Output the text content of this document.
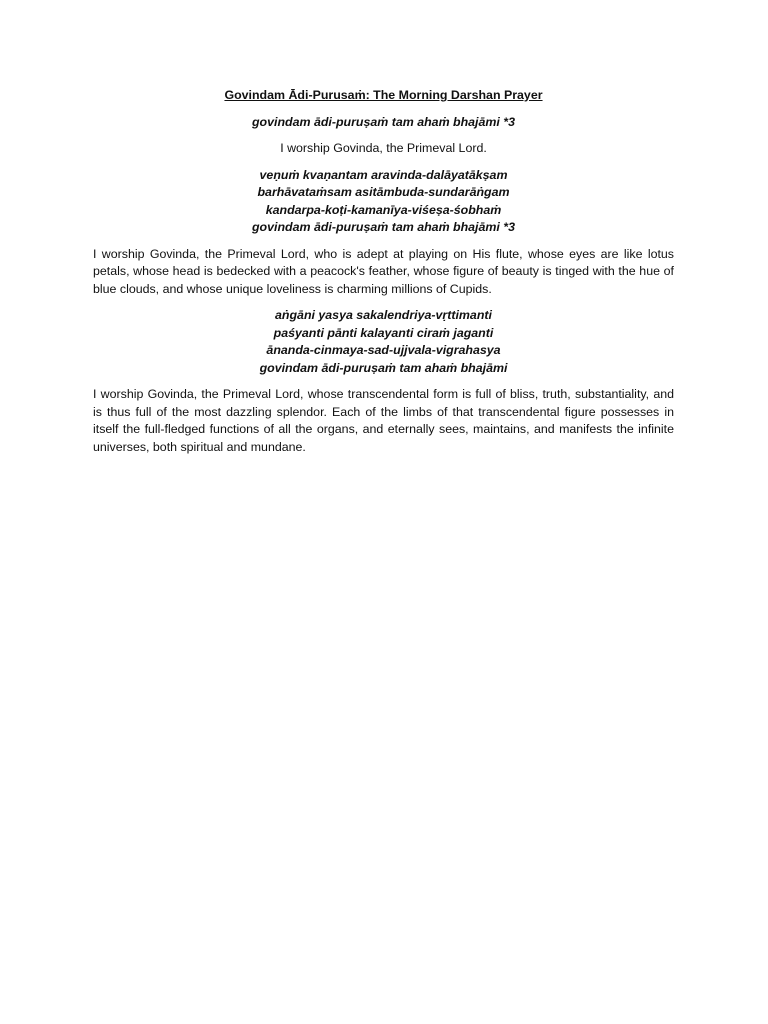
Govindam Ādi-Purusaṁ: The Morning Darshan Prayer
govindam ādi-puruṣaṁ tam ahaṁ bhajāmi *3
I worship Govinda, the Primeval Lord.
veṇuṁ kvaṇantam aravinda-dalāyatākṣam
barhāvataṁsam asitāmbuda-sundarāṅgam
kandarpa-koṭi-kamanīya-viśeṣa-śobhaṁ
govindam ādi-puruṣaṁ tam ahaṁ bhajāmi *3
I worship Govinda, the Primeval Lord, who is adept at playing on His flute, whose eyes are like lotus petals, whose head is bedecked with a peacock's feather, whose figure of beauty is tinged with the hue of blue clouds, and whose unique loveliness is charming millions of Cupids.
aṅgāni yasya sakalendriya-vṛttimanti
paśyanti pānti kalayanti ciraṁ jaganti
ānanda-cinmaya-sad-ujjvala-vigrahasya
govindam ādi-puruṣaṁ tam ahaṁ bhajāmi
I worship Govinda, the Primeval Lord, whose transcendental form is full of bliss, truth, substantiality, and is thus full of the most dazzling splendor. Each of the limbs of that transcendental figure possesses in itself the full-fledged functions of all the organs, and eternally sees, maintains, and manifests the infinite universes, both spiritual and mundane.
